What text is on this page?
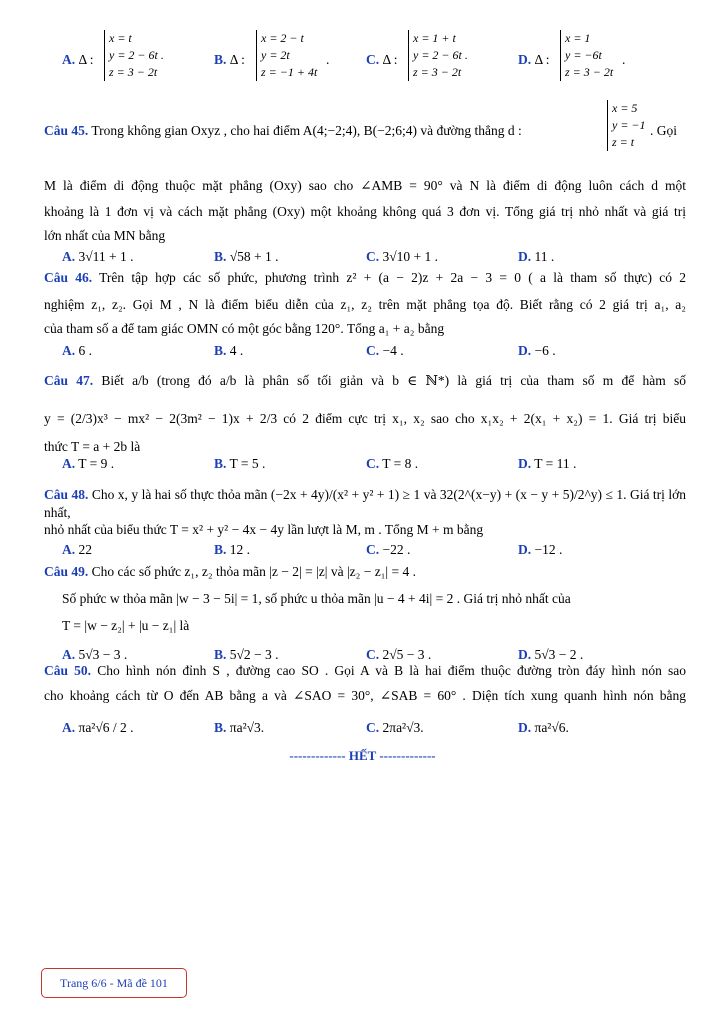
A. Δ :
x = t
y = 2 − 6t .
z = 3 − 2t
B. Δ :
x = 2 − t
y = 2t
z = −1 + 4t
.	C. Δ :
x = 1 + t
y = 2 − 6t .
z = 3 − 2t
D. Δ :
x = 1
y = −6t
z = 3 − 2t
.
Câu 45. Trong không gian Oxyz , cho hai điểm A(4;−2;4), B(−2;6;4) và đường thẳng d :
x = 5
y = −1
z = t
. Gọi
M là điểm di động thuộc mặt phẳng (Oxy) sao cho ∠AMB = 90° và N là điểm di động luôn cách d một
khoảng là 1 đơn vị và cách mặt phẳng (Oxy) một khoảng không quá 3 đơn vị. Tổng giá trị nhỏ nhất và giá trị
lớn nhất của MN bằng
A. 3√11 + 1 .	B. √58 + 1 .	C. 3√10 + 1 .	D. 11 .
Câu 46. Trên tập hợp các số phức, phương trình z² + (a − 2)z + 2a − 3 = 0 ( a là tham số thực) có 2
nghiệm z₁, z₂. Gọi M , N là điểm biểu diễn của z₁, z₂ trên mặt phẳng tọa độ. Biết rằng có 2 giá trị a₁, a₂
của tham số a để tam giác OMN có một góc bằng 120°. Tổng a₁ + a₂ bằng
A. 6 .	B. 4 .	C. −4 .	D. −6 .
Câu 47. Biết a/b (trong đó a/b là phân số tối giản và b ∈ ℕ*) là giá trị của tham số m để hàm số
y = (2/3)x³ − mx² − 2(3m² − 1)x + 2/3 có 2 điểm cực trị x₁, x₂ sao cho x₁x₂ + 2(x₁ + x₂) = 1. Giá trị biểu
thức T = a + 2b là
A. T = 9 .	B. T = 5 .	C. T = 8 .	D. T = 11 .
Câu 48. Cho x, y là hai số thực thỏa mãn (−2x + 4y)/(x² + y² + 1) ≥ 1 và 32(2^(x−y) + (x − y + 5)/2^y) ≤ 1. Giá trị lớn nhất,
nhỏ nhất của biểu thức T = x² + y² − 4x − 4y lần lượt là M, m . Tổng M + m bằng
A. 22	B. 12 .	C. −22 .	D. −12 .
Câu 49. Cho các số phức z₁, z₂ thỏa mãn |z − 2| = |z| và |z₂ − z₁| = 4 .
Số phức w thỏa mãn |w − 3 − 5i| = 1, số phức u thỏa mãn |u − 4 + 4i| = 2 . Giá trị nhỏ nhất của
T = |w − z₂| + |u − z₁| là
A. 5√3 − 3 .	B. 5√2 − 3 .	C. 2√5 − 3 .	D. 5√3 − 2 .
Câu 50. Cho hình nón đỉnh S , đường cao SO . Gọi A và B là hai điểm thuộc đường tròn đáy hình nón sao
cho khoảng cách từ O đến AB bằng a và ∠SAO = 30°, ∠SAB = 60° . Diện tích xung quanh hình nón bằng
A. πa²√6 / 2 .	B. πa²√3.	C. 2πa²√3.	D. πa²√6.
------------- HẾT -------------
Trang 6/6 - Mã đề 101
